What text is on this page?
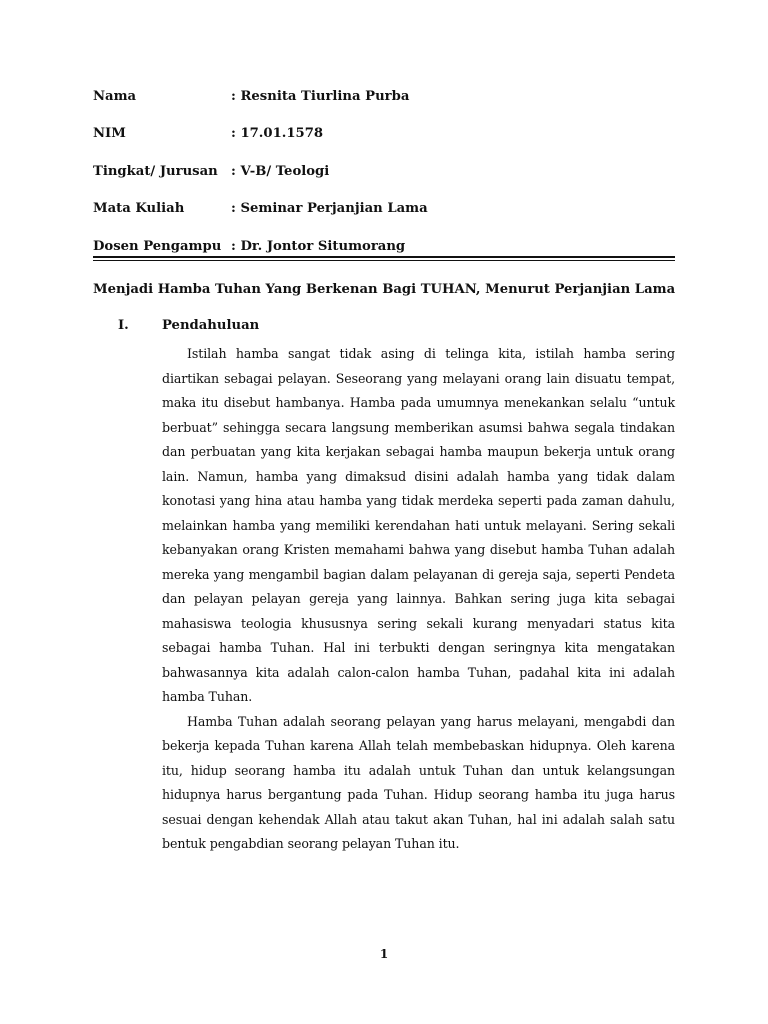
Nama	: Resnita Tiurlina Purba
NIM	: 17.01.1578
Tingkat/ Jurusan	: V-B/ Teologi
Mata Kuliah	: Seminar Perjanjian Lama
Dosen Pengampu : Dr. Jontor Situmorang
Menjadi Hamba Tuhan Yang Berkenan Bagi TUHAN, Menurut Perjanjian Lama
I.	Pendahuluan

Istilah hamba sangat tidak asing di telinga kita, istilah hamba sering diartikan sebagai pelayan. Seseorang yang melayani orang lain disuatu tempat, maka itu disebut hambanya. Hamba pada umumnya menekankan selalu “untuk berbuat” sehingga secara langsung memberikan asumsi bahwa segala tindakan dan perbuatan yang kita kerjakan sebagai hamba maupun bekerja untuk orang lain. Namun, hamba yang dimaksud disini adalah hamba yang tidak dalam konotasi yang hina atau hamba yang tidak merdeka seperti pada zaman dahulu, melainkan hamba yang memiliki kerendahan hati untuk melayani. Sering sekali kebanyakan orang Kristen memahami bahwa yang disebut hamba Tuhan adalah mereka yang mengambil bagian dalam pelayanan di gereja saja, seperti Pendeta dan pelayan pelayan gereja yang lainnya. Bahkan sering juga kita sebagai mahasiswa teologia khususnya sering sekali kurang menyadari status kita sebagai hamba Tuhan. Hal ini terbukti dengan seringnya kita mengatakan bahwasannya kita adalah calon-calon hamba Tuhan, padahal kita ini adalah hamba Tuhan.

Hamba Tuhan adalah seorang pelayan yang harus melayani, mengabdi dan bekerja kepada Tuhan karena Allah telah membebaskan hidupnya. Oleh karena itu, hidup seorang hamba itu adalah untuk Tuhan dan untuk kelangsungan hidupnya harus bergantung pada Tuhan. Hidup seorang hamba itu juga harus sesuai dengan kehendak Allah atau takut akan Tuhan, hal ini adalah salah satu bentuk pengabdian seorang pelayan Tuhan itu.

1
